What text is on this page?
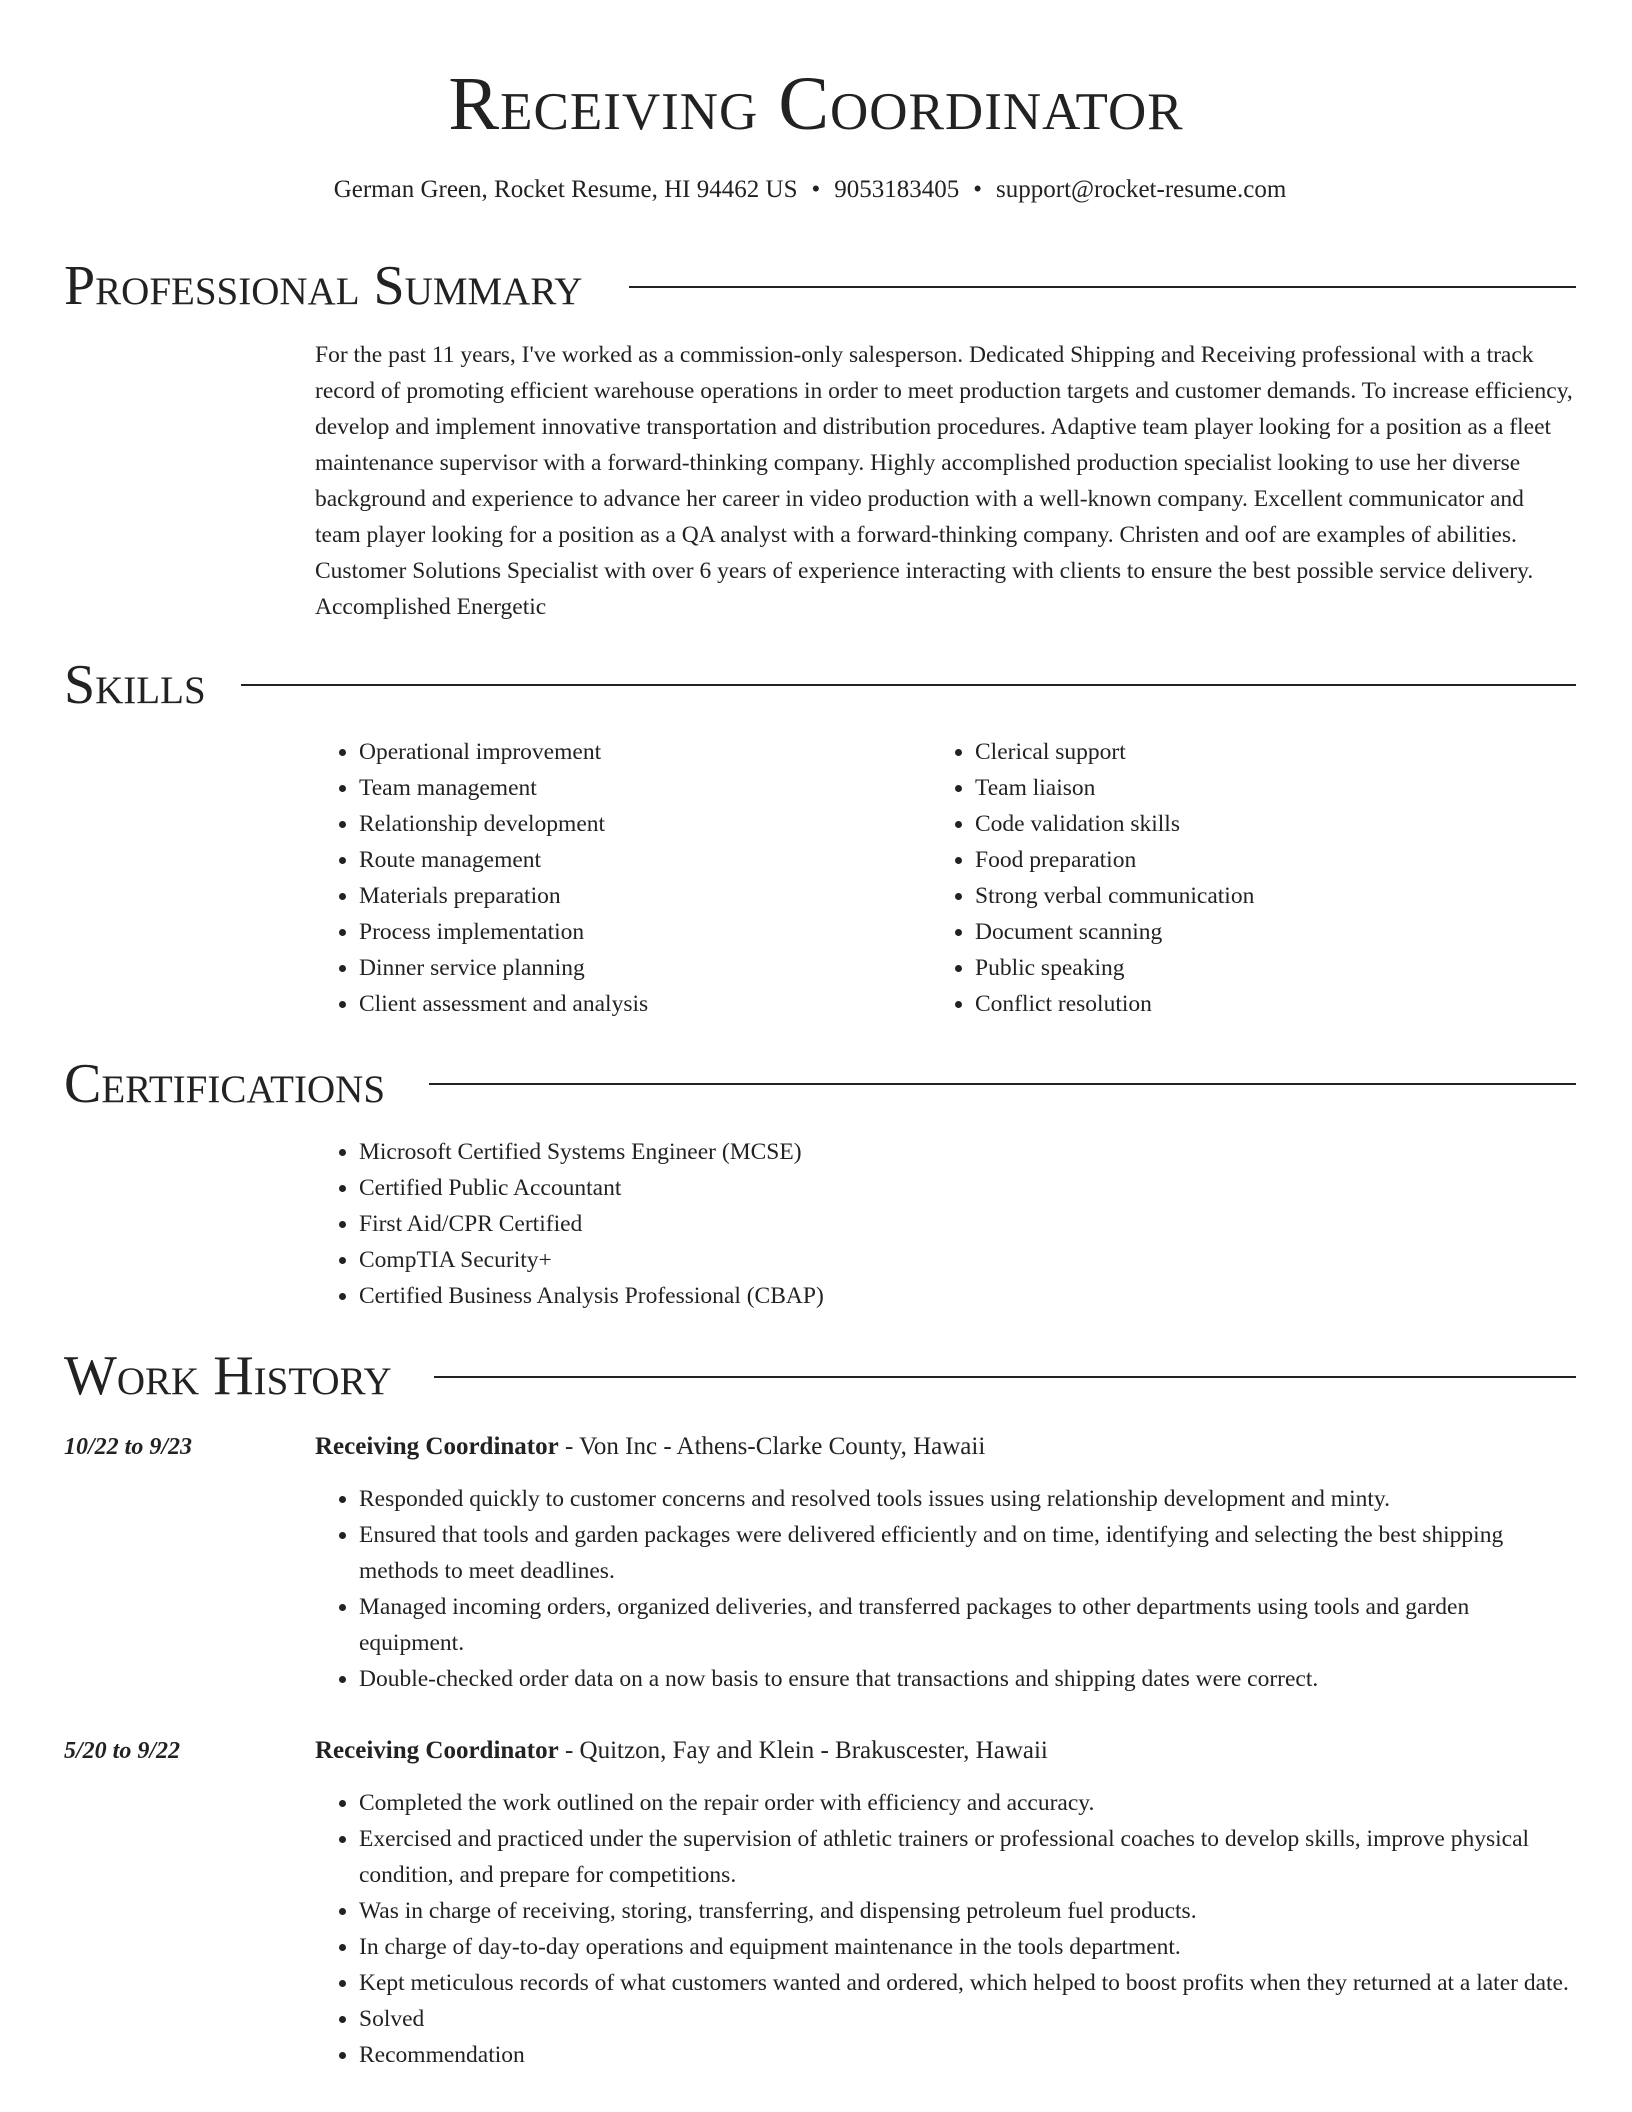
Receiving Coordinator
German Green, Rocket Resume, HI 94462 US • 9053183405 • support@rocket-resume.com
Professional Summary
For the past 11 years, I've worked as a commission-only salesperson. Dedicated Shipping and Receiving professional with a track record of promoting efficient warehouse operations in order to meet production targets and customer demands. To increase efficiency, develop and implement innovative transportation and distribution procedures. Adaptive team player looking for a position as a fleet maintenance supervisor with a forward-thinking company. Highly accomplished production specialist looking to use her diverse background and experience to advance her career in video production with a well-known company. Excellent communicator and team player looking for a position as a QA analyst with a forward-thinking company. Christen and oof are examples of abilities. Customer Solutions Specialist with over 6 years of experience interacting with clients to ensure the best possible service delivery. Accomplished Energetic
Skills
• Operational improvement
• Team management
• Relationship development
• Route management
• Materials preparation
• Process implementation
• Dinner service planning
• Client assessment and analysis
• Clerical support
• Team liaison
• Code validation skills
• Food preparation
• Strong verbal communication
• Document scanning
• Public speaking
• Conflict resolution
Certifications
• Microsoft Certified Systems Engineer (MCSE)
• Certified Public Accountant
• First Aid/CPR Certified
• CompTIA Security+
• Certified Business Analysis Professional (CBAP)
Work History
10/22 to 9/23	Receiving Coordinator - Von Inc - Athens-Clarke County, Hawaii
• Responded quickly to customer concerns and resolved tools issues using relationship development and minty.
• Ensured that tools and garden packages were delivered efficiently and on time, identifying and selecting the best shipping methods to meet deadlines.
• Managed incoming orders, organized deliveries, and transferred packages to other departments using tools and garden equipment.
• Double-checked order data on a now basis to ensure that transactions and shipping dates were correct.
5/20 to 9/22	Receiving Coordinator - Quitzon, Fay and Klein - Brakuscester, Hawaii
• Completed the work outlined on the repair order with efficiency and accuracy.
• Exercised and practiced under the supervision of athletic trainers or professional coaches to develop skills, improve physical condition, and prepare for competitions.
• Was in charge of receiving, storing, transferring, and dispensing petroleum fuel products.
• In charge of day-to-day operations and equipment maintenance in the tools department.
• Kept meticulous records of what customers wanted and ordered, which helped to boost profits when they returned at a later date.
• Solved
• Recommendation
